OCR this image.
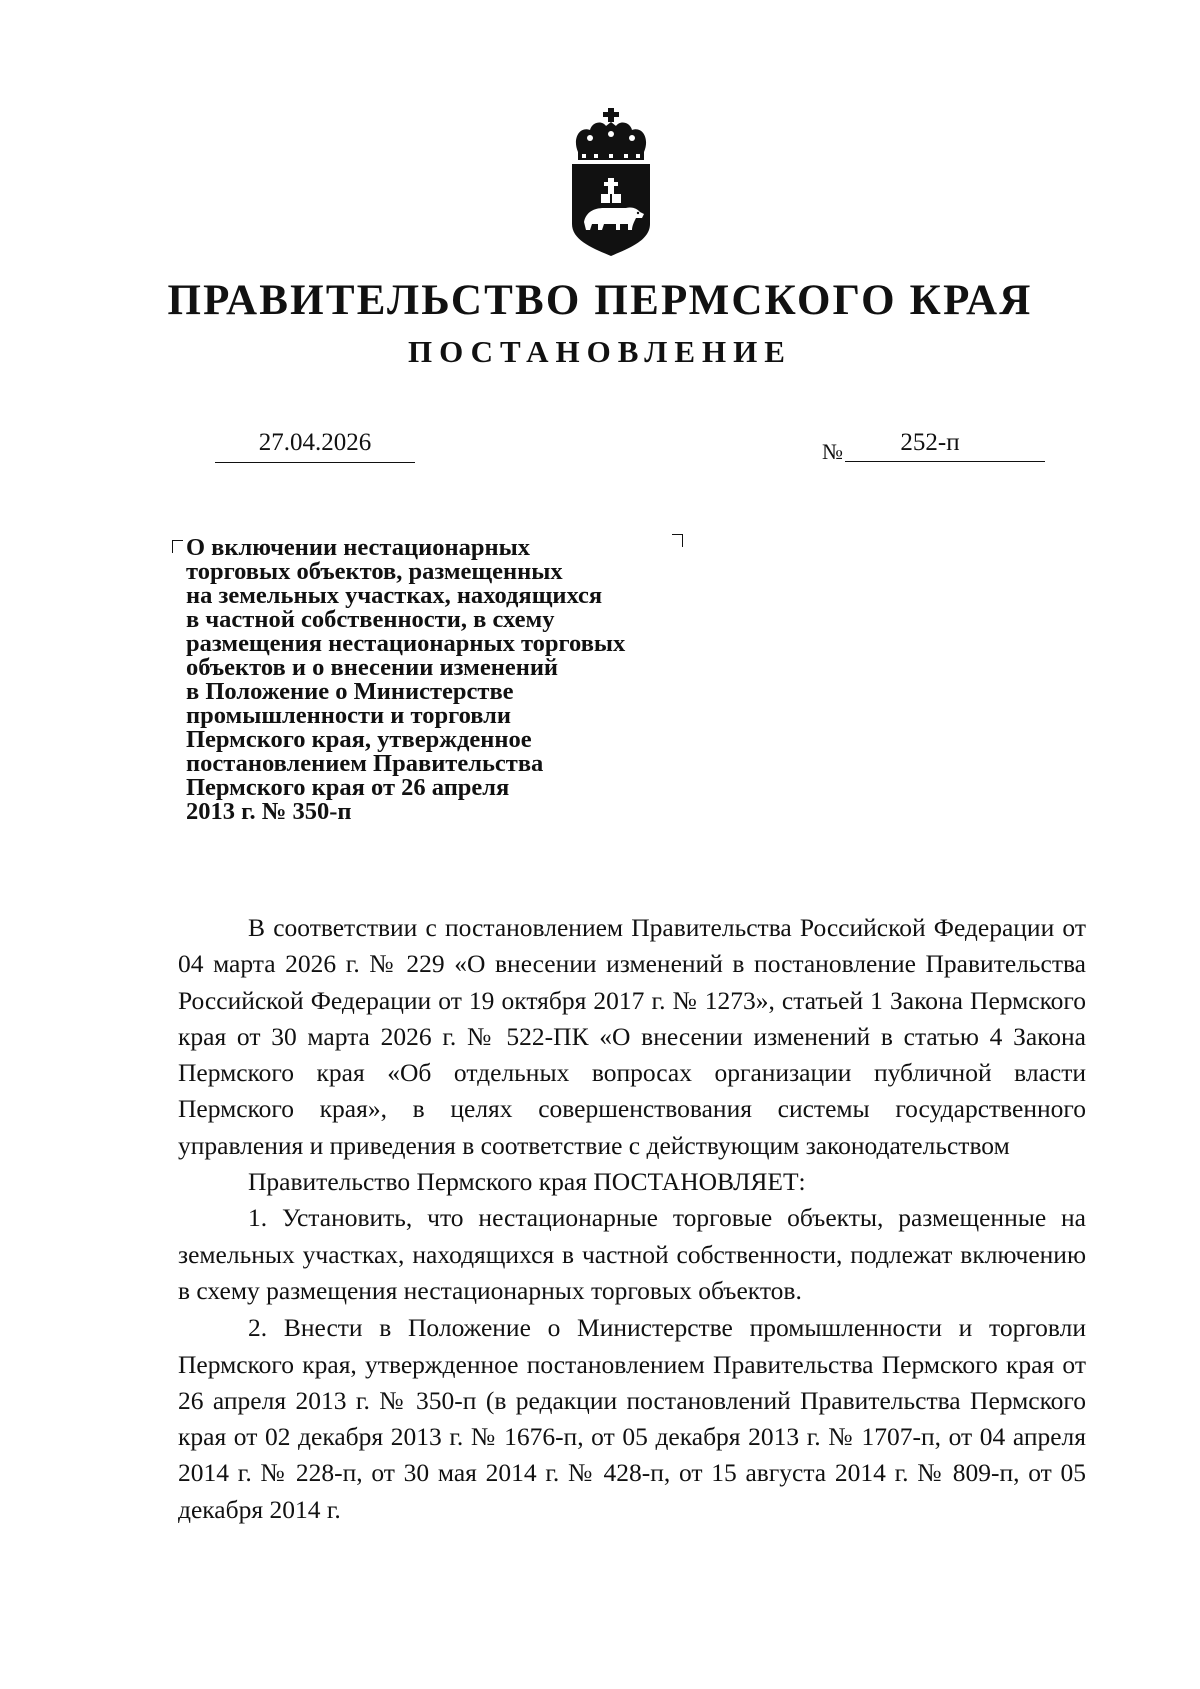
ПРАВИТЕЛЬСТВО ПЕРМСКОГО КРАЯ
ПОСТАНОВЛЕНИЕ
27.04.2026	№	252-п
О включении нестационарных
торговых объектов, размещенных
на земельных участках, находящихся
в частной собственности, в схему
размещения нестационарных торговых
объектов и о внесении изменений
в Положение о Министерстве
промышленности и торговли
Пермского края, утвержденное
постановлением Правительства
Пермского края от 26 апреля
2013 г. № 350-п

В соответствии с постановлением Правительства Российской Федерации от 04 марта 2026 г. № 229 «О внесении изменений в постановление Правительства Российской Федерации от 19 октября 2017 г. № 1273», статьей 1 Закона Пермского края от 30 марта 2026 г. № 522-ПК «О внесении изменений в статью 4 Закона Пермского края «Об отдельных вопросах организации публичной власти Пермского края», в целях совершенствования системы государственного управления и приведения в соответствие с действующим законодательством

Правительство Пермского края ПОСТАНОВЛЯЕТ:

1. Установить, что нестационарные торговые объекты, размещенные на земельных участках, находящихся в частной собственности, подлежат включению в схему размещения нестационарных торговых объектов.

2. Внести в Положение о Министерстве промышленности и торговли Пермского края, утвержденное постановлением Правительства Пермского края от 26 апреля 2013 г. № 350-п (в редакции постановлений Правительства Пермского края от 02 декабря 2013 г. № 1676-п, от 05 декабря 2013 г. № 1707-п, от 04 апреля 2014 г. № 228-п, от 30 мая 2014 г. № 428-п, от 15 августа 2014 г. № 809-п, от 05 декабря 2014 г.
